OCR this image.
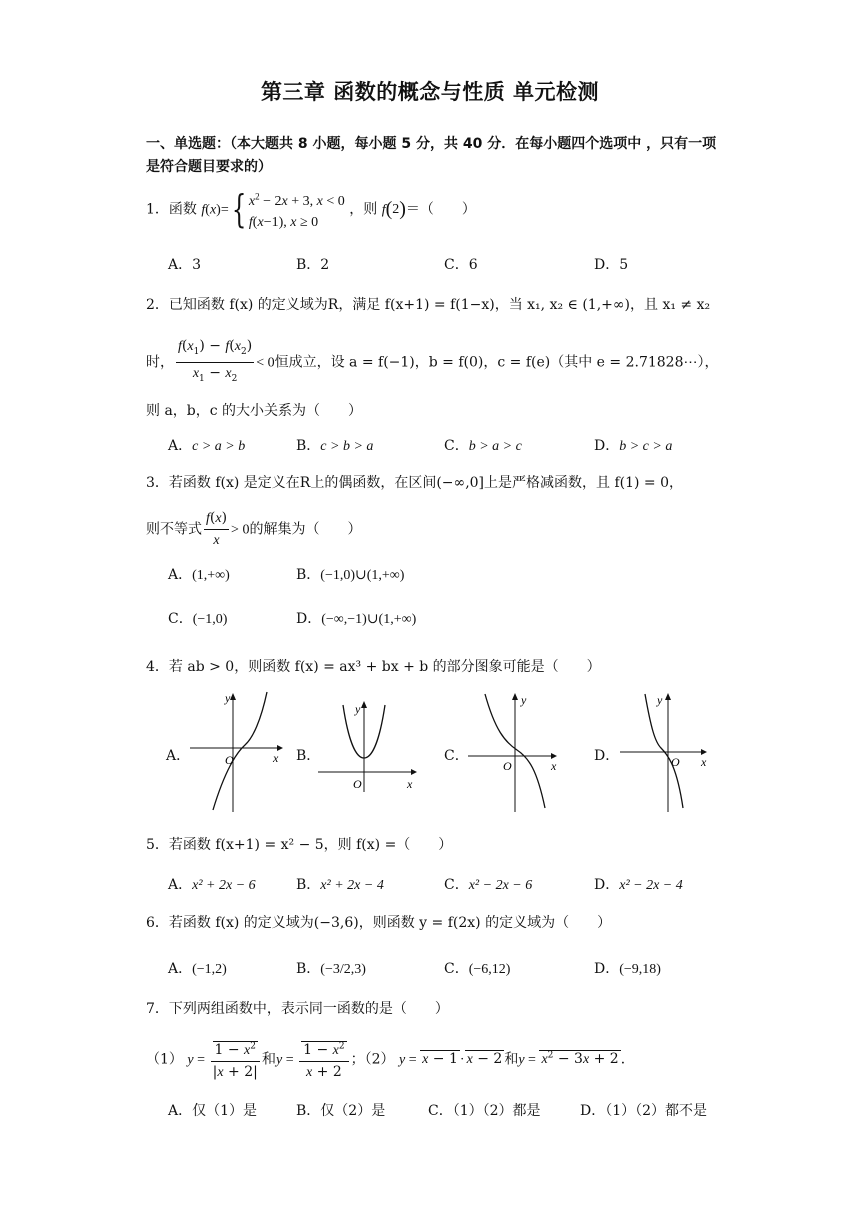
第三章 函数的概念与性质 单元检测
一、单选题：（本大题共 8 小题，每小题 5 分，共 40 分．在每小题四个选项中 ，只有一项是符合题目要求的）
1．函数 f(x)={ $x^2 - 2x + 3$, x < 0
f(x−1), x ≥ 0 ，则 f(2)＝（　　）
A．3	B．2	C．6	D．5
2．已知函数 f(x) 的定义域为R，满足 f(x+1) = f(1−x)，当 x₁, x₂ ∈ (1,+∞)，且 x₁ ≠ x₂
时， $\frac{f(x_1) - f(x_2)}{x_1 - x_2} < 0$恒成立，设 a = f(−1)，b = f(0)，c = f(e)（其中 e = 2.71828⋯），
则 a，b，c 的大小关系为（　　）
A．c > a > b	B．c > b > a	C．b > a > c	D．b > c > a
3．若函数 f(x) 是定义在R上的偶函数，在区间(−∞,0]上是严格减函数，且 f(1) = 0，
则不等式 $\frac{f(x)}{x} > 0$的解集为（　　）
A．(1,+∞)	B．(−1,0)∪(1,+∞)
C．(−1,0)	D．(−∞,−1)∪(1,+∞)
4．若 ab > 0，则函数 f(x) = ax³ + bx + b 的部分图象可能是（　　）
A．
y
x
O	B．
y
x
O
C．
y
x
O
D．
y
x
O
5．若函数 f(x+1) = x² − 5，则 f(x) =（　　）
A．x² + 2x − 6	B．x² + 2x − 4	C．x² − 2x − 6	D．x² − 2x − 4
6．若函数 f(x) 的定义域为(−3,6)，则函数 y = f(2x) 的定义域为（　　）
A．(−1,2)	B．(−3/2,3)	C．(−6,12)	D．(−9,18)
7．下列两组函数中，表示同一函数的是（　　）
（1） $y = \frac{1 - x^2}{|x + 2|}$ 和$y = \frac{1 - x^2}{x + 2}$ ；（2） y = x − 1 · x − 2 和$y = x^2 - 3x + 2$ ．
A．仅（1）是	B．仅（2）是	C．（1）（2）都是	D．（1）（2）都不是
